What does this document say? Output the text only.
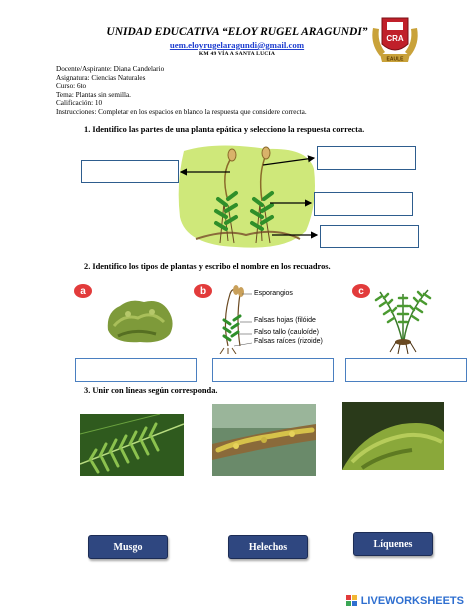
UNIDAD EDUCATIVA “ELOY RUGEL ARAGUNDI”
uem.eloyrugelaragundi@gmail.com
KM 49 VÍA A SANTA LUCIA
CRA
EAULE
Docente/Aspirante: Diana Candelario
Asignatura: Ciencias Naturales
Curso: 6to
Tema: Plantas sin semilla.
Calificación: 10
Instrucciones: Completar en los espacios en blanco la respuesta que considere correcta.
1. Identifico las partes de una planta epática y selecciono la respuesta correcta.
2. Identifico los tipos de plantas y escribo el nombre en los recuadros.
a	b	c
Esporangios
Falsas hojas (filóide
Falso tallo (cauloíde)
Falsas raíces (rizoide)
3. Unir con líneas según corresponda.
Musgo	Helechos	Líquenes
LIVEWORKSHEETS
